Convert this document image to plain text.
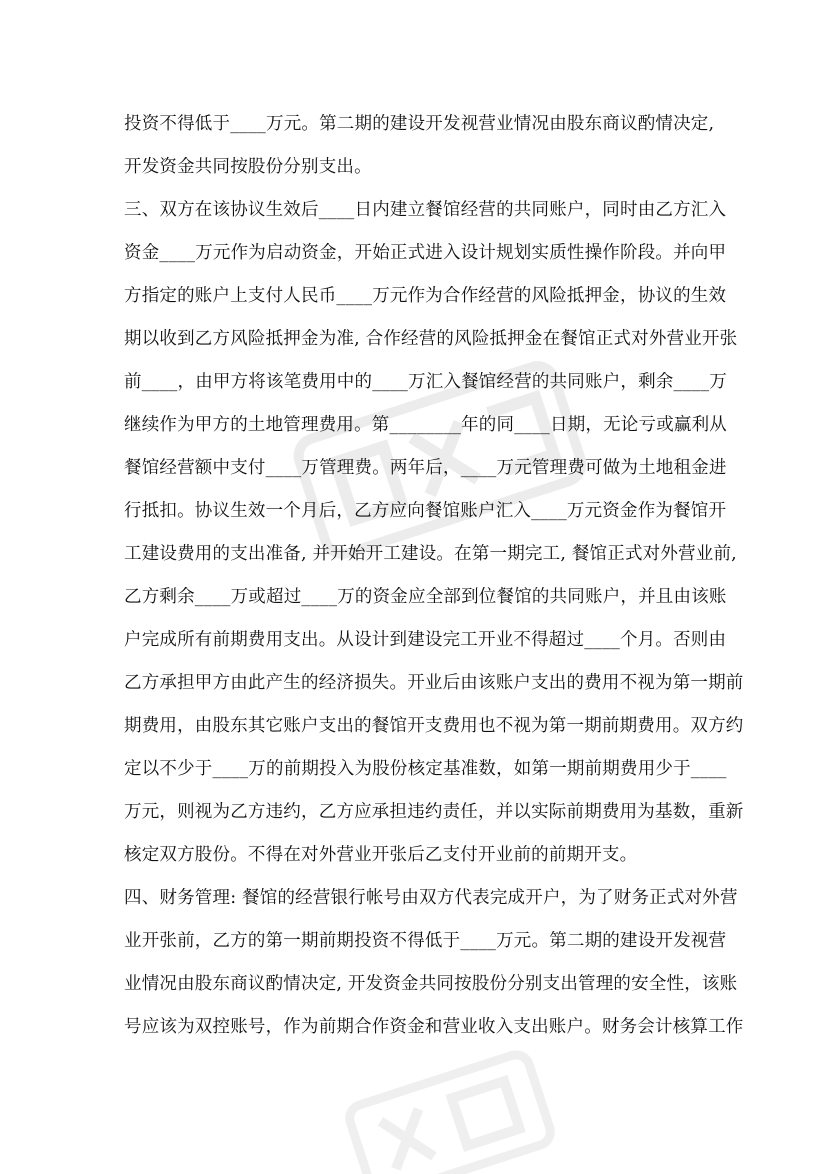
投资不得低于____万元。第二期的建设开发视营业情况由股东商议酌情决定,
开发资金共同按股份分别支出。
三、双方在该协议生效后____日内建立餐馆经营的共同账户，同时由乙方汇入
资金____万元作为启动资金，开始正式进入设计规划实质性操作阶段。并向甲
方指定的账户上支付人民币____万元作为合作经营的风险抵押金，协议的生效
期以收到乙方风险抵押金为准, 合作经营的风险抵押金在餐馆正式对外营业开张
前____，由甲方将该笔费用中的____万汇入餐馆经营的共同账户，剩余____万
继续作为甲方的土地管理费用。第________年的同____日期，无论亏或赢利从
餐馆经营额中支付____万管理费。两年后，____万元管理费可做为土地租金进
行抵扣。协议生效一个月后，乙方应向餐馆账户汇入____万元资金作为餐馆开
工建设费用的支出准备, 并开始开工建设。在第一期完工, 餐馆正式对外营业前,
乙方剩余____万或超过____万的资金应全部到位餐馆的共同账户，并且由该账
户完成所有前期费用支出。从设计到建设完工开业不得超过____个月。否则由
乙方承担甲方由此产生的经济损失。开业后由该账户支出的费用不视为第一期前
期费用，由股东其它账户支出的餐馆开支费用也不视为第一期前期费用。双方约
定以不少于____万的前期投入为股份核定基准数，如第一期前期费用少于____
万元，则视为乙方违约，乙方应承担违约责任，并以实际前期费用为基数，重新
核定双方股份。不得在对外营业开张后乙支付开业前的前期开支。
四、财务管理: 餐馆的经营银行帐号由双方代表完成开户，为了财务正式对外营
业开张前，乙方的第一期前期投资不得低于____万元。第二期的建设开发视营
业情况由股东商议酌情决定, 开发资金共同按股份分别支出管理的安全性，该账
号应该为双控账号，作为前期合作资金和营业收入支出账户。财务会计核算工作
